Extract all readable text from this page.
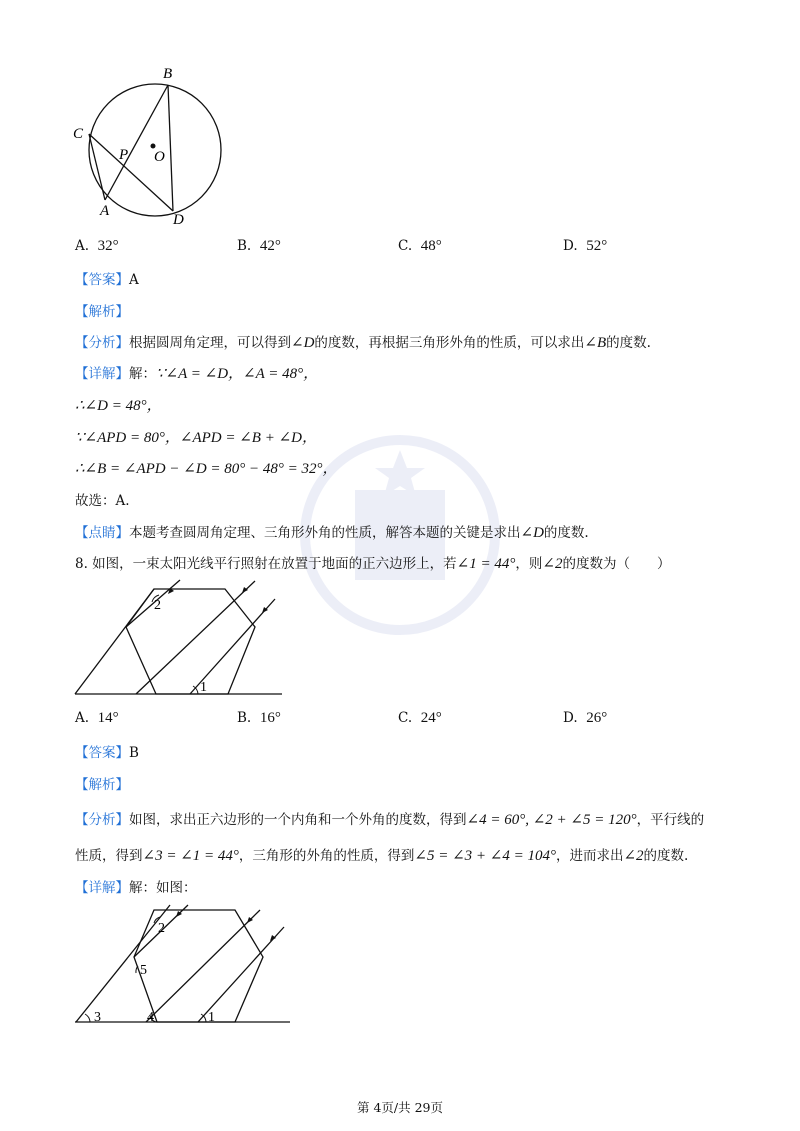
B
C
P O
A
D
A. 32°	B. 42°	C. 48°	D. 52°
【答案】A
【解析】
【分析】根据圆周角定理，可以得到∠D的度数，再根据三角形外角的性质，可以求出∠B的度数.
【详解】解：∵∠A = ∠D，∠A = 48°，
∴∠D = 48°，
∵∠APD = 80°，∠APD = ∠B + ∠D，
∴∠B = ∠APD − ∠D = 80° − 48° = 32°，
故选：A.
【点睛】本题考查圆周角定理、三角形外角的性质，解答本题的关键是求出∠D的度数.
8. 如图，一束太阳光线平行照射在放置于地面的正六边形上，若∠1 = 44°，则∠2的度数为（　　）
1
2
A. 14°	B. 16°	C. 24°	D. 26°
【答案】B
【解析】
【分析】如图，求出正六边形的一个内角和一个外角的度数，得到∠4 = 60°, ∠2 + ∠5 = 120°，平行线的
性质，得到∠3 = ∠1 = 44°，三角形的外角的性质，得到∠5 = ∠3 + ∠4 = 104°，进而求出∠2的度数.
【详解】解：如图：
1
2
3	4
5
第 4页/共 29页
